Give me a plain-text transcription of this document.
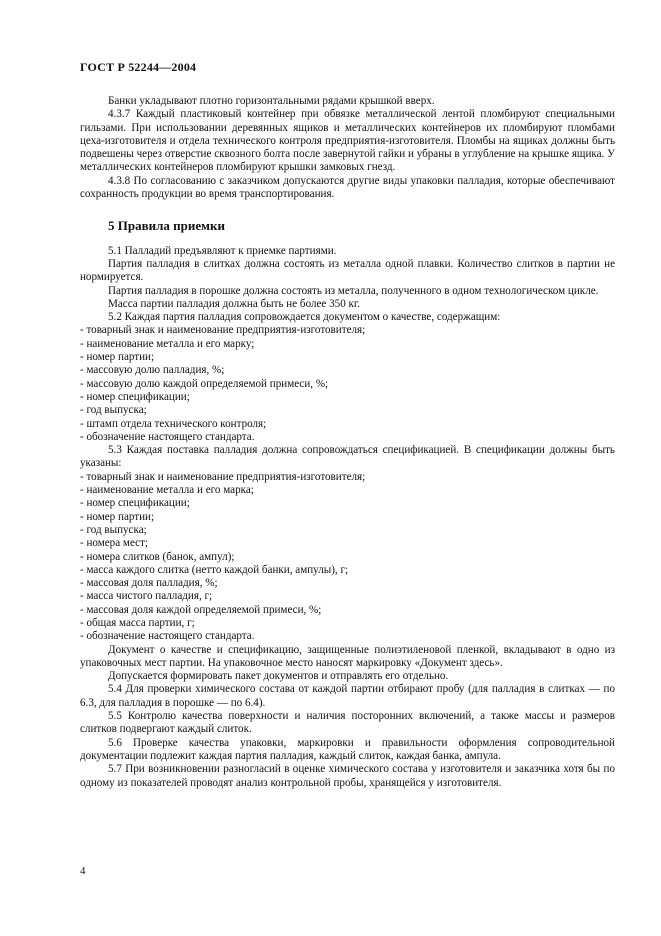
ГОСТ Р 52244—2004

Банки укладывают плотно горизонтальными рядами крышкой вверх.

4.3.7 Каждый пластиковый контейнер при обвязке металлической лентой пломбируют специальными гильзами. При использовании деревянных ящиков и металлических контейнеров их пломбируют пломбами цеха-изготовителя и отдела технического контроля предприятия-изготовителя. Пломбы на ящиках должны быть подвешены через отверстие сквозного болта после завернутой гайки и убраны в углубление на крышке ящика. У металлических контейнеров пломбируют крышки замковых гнезд.

4.3.8 По согласованию с заказчиком допускаются другие виды упаковки палладия, которые обеспечивают сохранность продукции во время транспортирования.

5 Правила приемки

5.1 Палладий предъявляют к приемке партиями.

Партия палладия в слитках должна состоять из металла одной плавки. Количество слитков в партии не нормируется.

Партия палладия в порошке должна состоять из металла, полученного в одном технологическом цикле.

Масса партии палладия должна быть не более 350 кг.

5.2 Каждая партия палладия сопровождается документом о качестве, содержащим:

- товарный знак и наименование предприятия-изготовителя;

- наименование металла и его марку;

- номер партии;

- массовую долю палладия, %;

- массовую долю каждой определяемой примеси, %;

- номер спецификации;

- год выпуска;

- штамп отдела технического контроля;

- обозначение настоящего стандарта.

5.3 Каждая поставка палладия должна сопровождаться спецификацией. В спецификации должны быть указаны:

- товарный знак и наименование предприятия-изготовителя;

- наименование металла и его марка;

- номер спецификации;

- номер партии;

- год выпуска;

- номера мест;

- номера слитков (банок, ампул);

- масса каждого слитка (нетто каждой банки, ампулы), г;

- массовая доля палладия, %;

- масса чистого палладия, г;

- массовая доля каждой определяемой примеси, %;

- общая масса партии, г;

- обозначение настоящего стандарта.

Документ о качестве и спецификацию, защищенные полиэтиленовой пленкой, вкладывают в одно из упаковочных мест партии. На упаковочное место наносят маркировку «Документ здесь».

Допускается формировать пакет документов и отправлять его отдельно.

5.4 Для проверки химического состава от каждой партии отбирают пробу (для палладия в слитках — по 6.3, для палладия в порошке — по 6.4).

5.5 Контролю качества поверхности и наличия посторонних включений, а также массы и размеров слитков подвергают каждый слиток.

5.6 Проверке качества упаковки, маркировки и правильности оформления сопроводительной документации подлежит каждая партия палладия, каждый слиток, каждая банка, ампула.

5.7 При возникновении разногласий в оценке химического состава у изготовителя и заказчика хотя бы по одному из показателей проводят анализ контрольной пробы, хранящейся у изготовителя.

4
